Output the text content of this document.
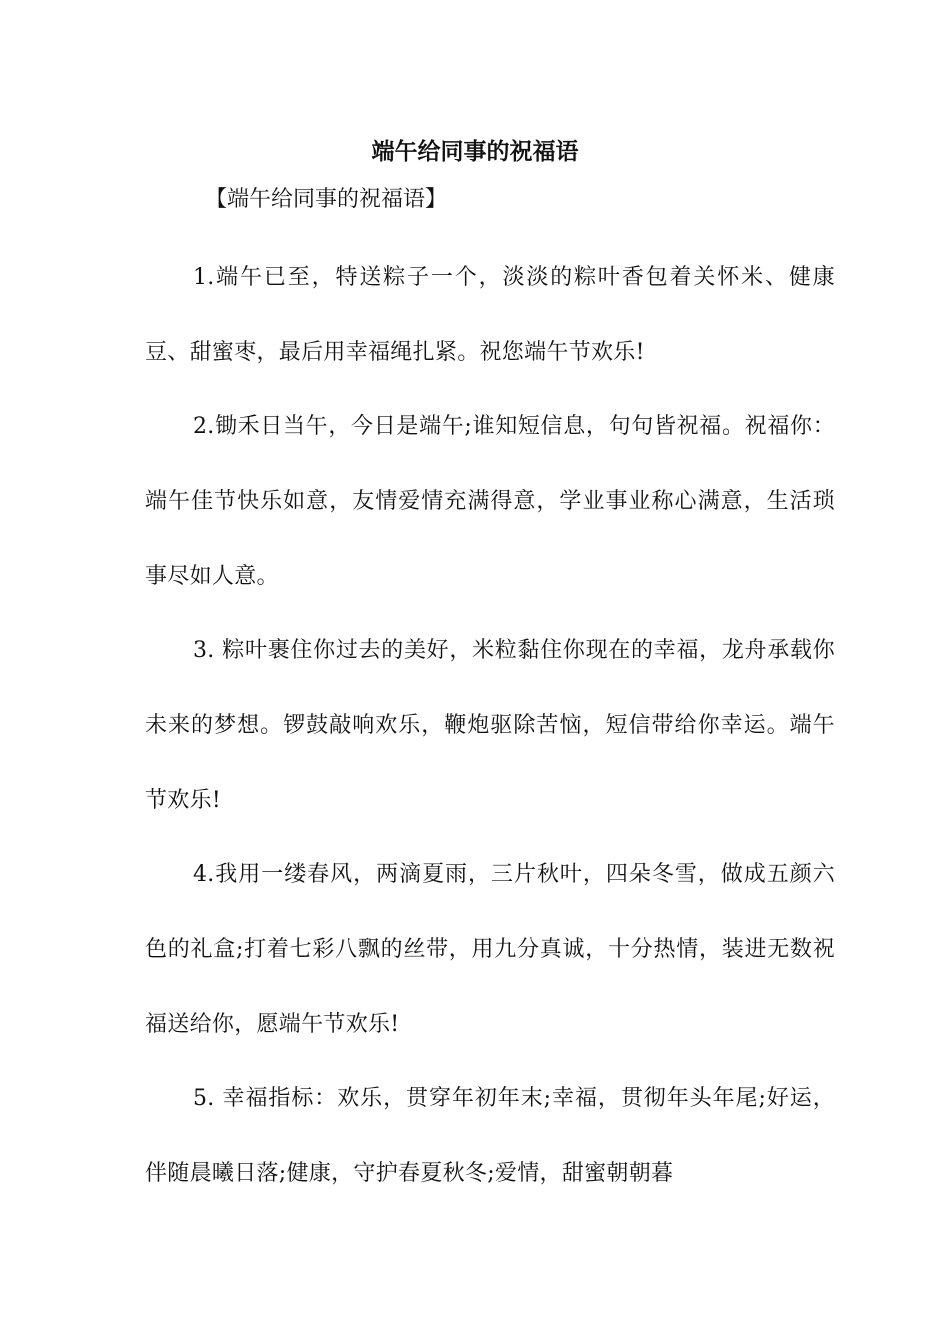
端午给同事的祝福语
【端午给同事的祝福语】
1.端午已至，特送粽子一个，淡淡的粽叶香包着关怀米、健康豆、甜蜜枣，最后用幸福绳扎紧。祝您端午节欢乐!
2.锄禾日当午，今日是端午;谁知短信息，句句皆祝福。祝福你：端午佳节快乐如意，友情爱情充满得意，学业事业称心满意，生活琐事尽如人意。
3. 粽叶裹住你过去的美好，米粒黏住你现在的幸福，龙舟承载你未来的梦想。锣鼓敲响欢乐，鞭炮驱除苦恼，短信带给你幸运。端午节欢乐!
4.我用一缕春风，两滴夏雨，三片秋叶，四朵冬雪，做成五颜六色的礼盒;打着七彩八飘的丝带，用九分真诚，十分热情，装进无数祝福送给你，愿端午节欢乐!
5. 幸福指标：欢乐，贯穿年初年末;幸福，贯彻年头年尾;好运，伴随晨曦日落;健康，守护春夏秋冬;爱情，甜蜜朝朝暮
